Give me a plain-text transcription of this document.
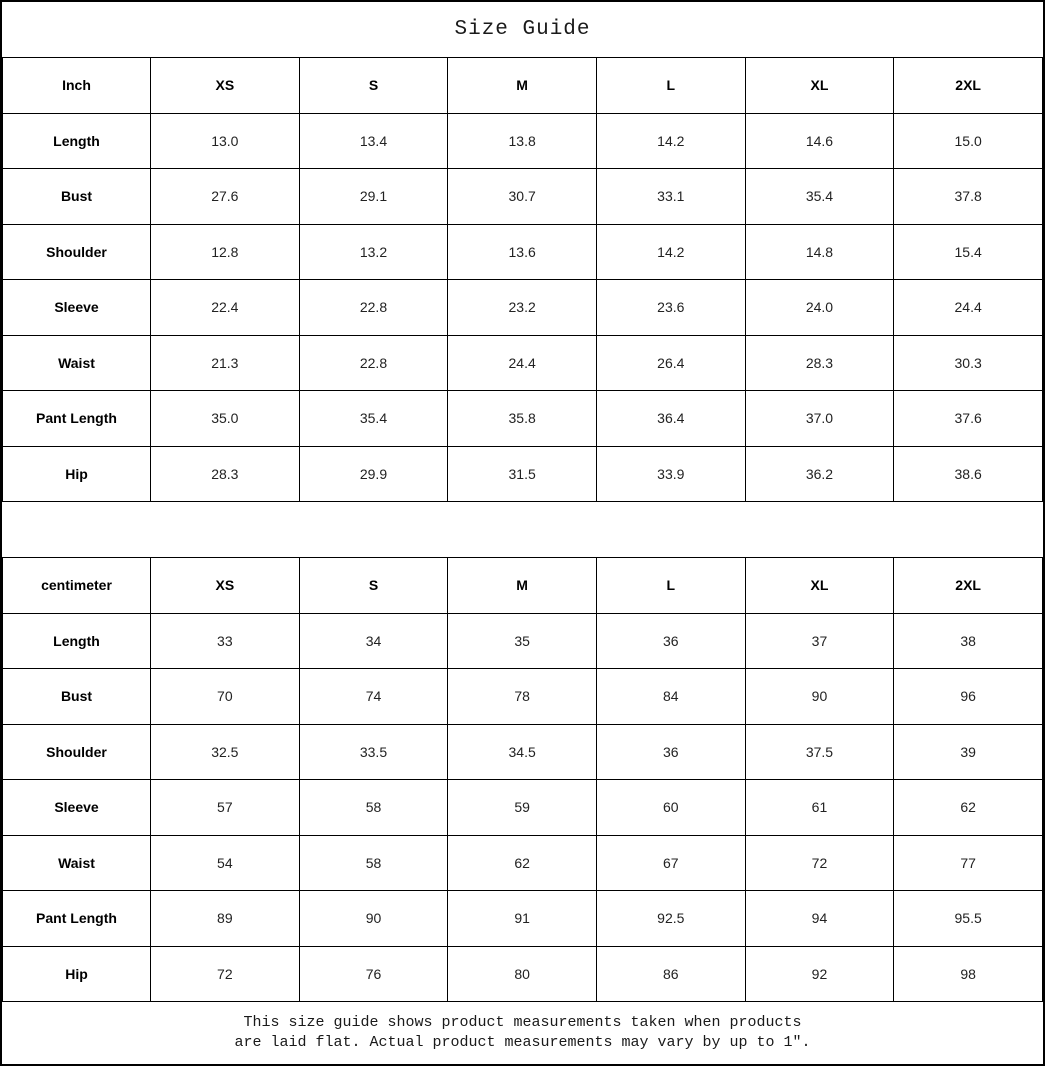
Size Guide
Inch	XS	S	M	L	XL	2XL
Length	13.0	13.4	13.8	14.2	14.6	15.0
Bust	27.6	29.1	30.7	33.1	35.4	37.8
Shoulder	12.8	13.2	13.6	14.2	14.8	15.4
Sleeve	22.4	22.8	23.2	23.6	24.0	24.4
Waist	21.3	22.8	24.4	26.4	28.3	30.3
Pant Length	35.0	35.4	35.8	36.4	37.0	37.6
Hip	28.3	29.9	31.5	33.9	36.2	38.6
centimeter	XS	S	M	L	XL	2XL
Length	33	34	35	36	37	38
Bust	70	74	78	84	90	96
Shoulder	32.5	33.5	34.5	36	37.5	39
Sleeve	57	58	59	60	61	62
Waist	54	58	62	67	72	77
Pant Length	89	90	91	92.5	94	95.5
Hip	72	76	80	86	92	98
This size guide shows product measurements taken when products
are laid flat. Actual product measurements may vary by up to 1″.
